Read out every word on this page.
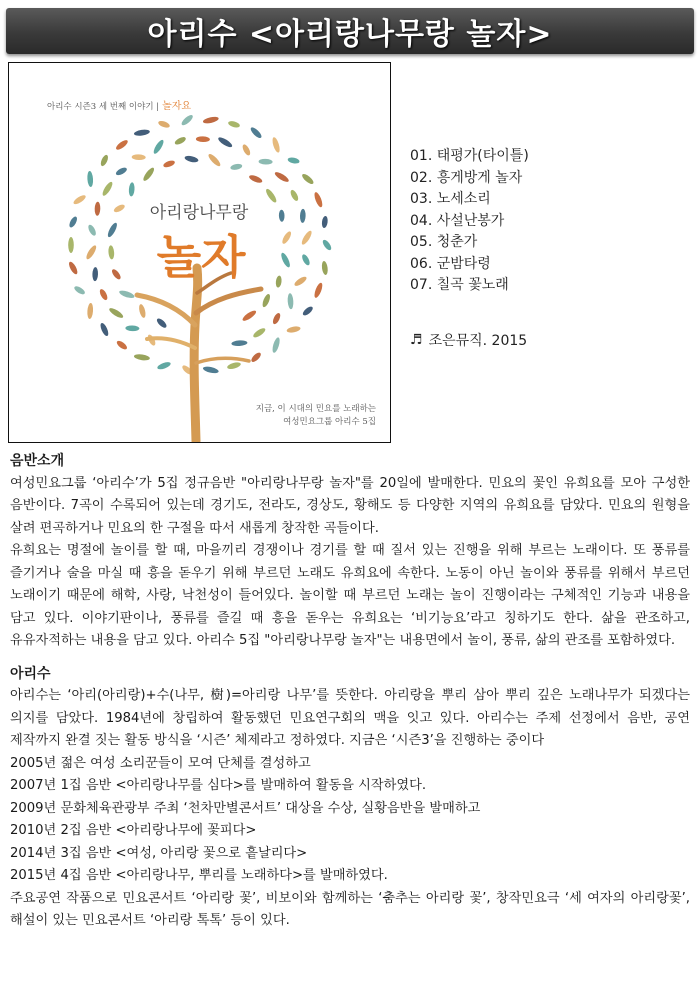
아리수 <아리랑나무랑 놀자>
아리수 시즌3 세 번째 이야기 | 놀자요
아리랑나무랑
놀자
지금, 이 시대의 민요를 노래하는
여성민요그룹 아리수 5집
01. 태평가(타이틀)
02. 흥게방게 놀자
03. 노세소리
04. 사설난봉가
05. 청춘가
06. 군밤타령
07. 칠곡 꽃노래
♬ 조은뮤직. 2015
음반소개
여성민요그룹 ‘아리수’가 5집 정규음반 "아리랑나무랑 놀자"를 20일에 발매한다. 민요의 꽃인 유희요를 모아 구성한 음반이다. 7곡이 수록되어 있는데 경기도, 전라도, 경상도, 황해도 등 다양한 지역의 유희요를 담았다. 민요의 원형을 살려 편곡하거나 민요의 한 구절을 따서 새롭게 창작한 곡들이다.
유희요는 명절에 놀이를 할 때, 마을끼리 경쟁이나 경기를 할 때 질서 있는 진행을 위해 부르는 노래이다. 또 풍류를 즐기거나 술을 마실 때 흥을 돋우기 위해 부르던 노래도 유희요에 속한다. 노동이 아닌 놀이와 풍류를 위해서 부르던 노래이기 때문에 해학, 사랑, 낙천성이 들어있다. 놀이할 때 부르던 노래는 놀이 진행이라는 구체적인 기능과 내용을 담고 있다. 이야기판이나, 풍류를 즐길 때 흥을 돋우는 유희요는 ‘비기능요’라고 칭하기도 한다. 삶을 관조하고, 유유자적하는 내용을 담고 있다. 아리수 5집 "아리랑나무랑 놀자"는 내용면에서 놀이, 풍류, 삶의 관조를 포함하였다.
아리수
아리수는 ‘아리(아리랑)+수(나무, 樹)=아리랑 나무’를 뜻한다. 아리랑을 뿌리 삼아 뿌리 깊은 노래나무가 되겠다는 의지를 담았다. 1984년에 창립하여 활동했던 민요연구회의 맥을 잇고 있다. 아리수는 주제 선정에서 음반, 공연 제작까지 완결 짓는 활동 방식을 ‘시즌’ 체제라고 정하였다. 지금은 ‘시즌3’을 진행하는 중이다
2005년 젊은 여성 소리꾼들이 모여 단체를 결성하고
2007년 1집 음반 <아리랑나무를 심다>를 발매하여 활동을 시작하였다.
2009년 문화체육관광부 주최 ‘천차만별콘서트’ 대상을 수상, 실황음반을 발매하고
2010년 2집 음반 <아리랑나무에 꽃피다>
2014년 3집 음반 <여성, 아리랑 꽃으로 흩날리다>
2015년 4집 음반 <아리랑나무, 뿌리를 노래하다>를 발매하였다.
주요공연 작품으로 민요콘서트 ‘아리랑 꽃’, 비보이와 함께하는 ‘춤추는 아리랑 꽃’, 창작민요극 ‘세 여자의 아리랑꽃’, 해설이 있는 민요콘서트 ‘아리랑 톡톡’ 등이 있다.
